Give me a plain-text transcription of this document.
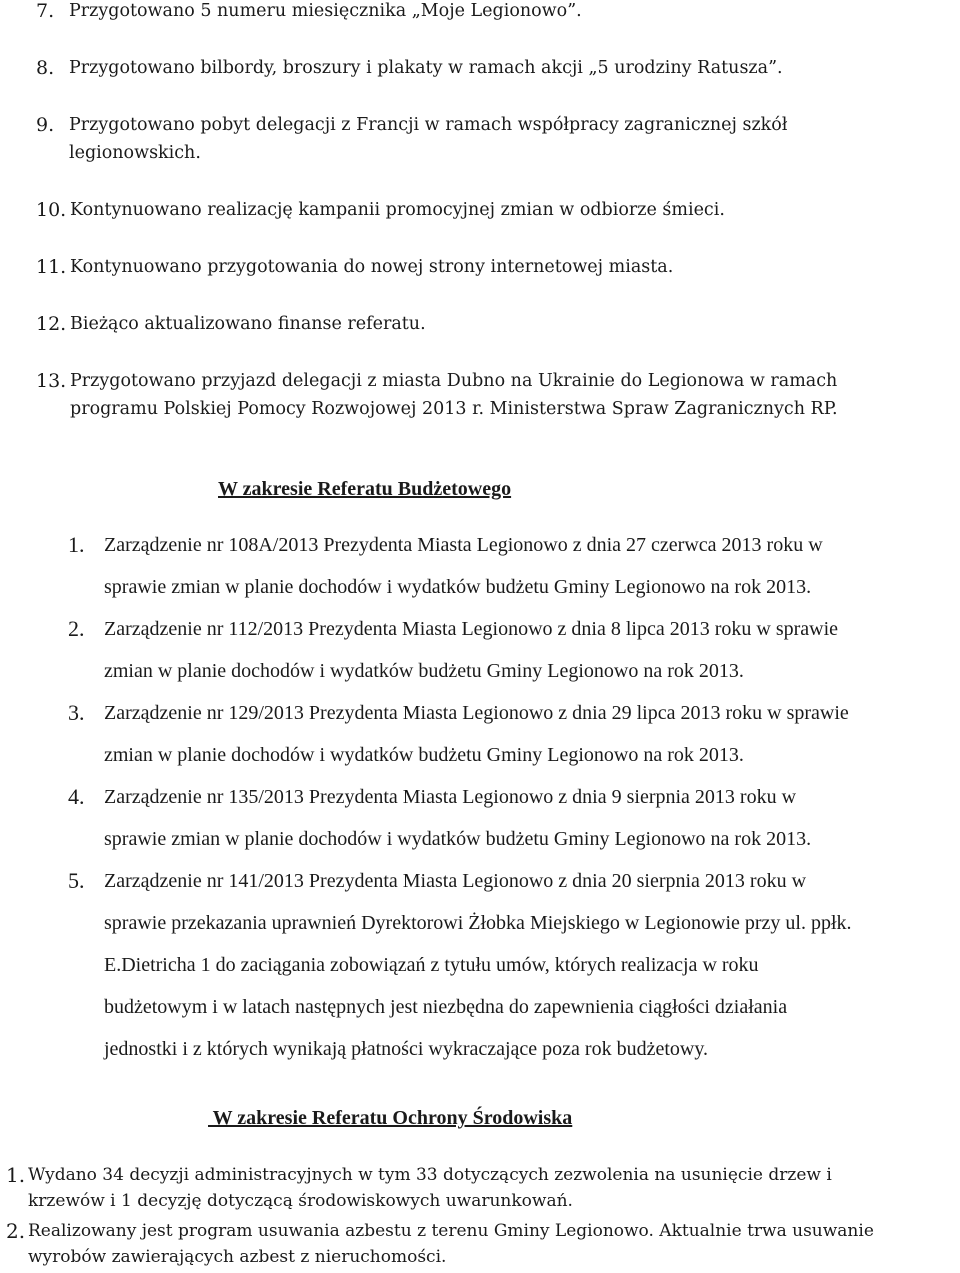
7. Przygotowano 5 numeru miesięcznika „Moje Legionowo”.
8. Przygotowano bilbordy, broszury i plakaty w ramach akcji „5 urodziny Ratusza”.
9. Przygotowano pobyt delegacji z Francji w ramach współpracy zagranicznej szkół
legionowskich.
10. Kontynuowano realizację kampanii promocyjnej zmian w odbiorze śmieci.
11. Kontynuowano przygotowania do nowej strony internetowej miasta.
12. Bieżąco aktualizowano finanse referatu.
13. Przygotowano przyjazd delegacji z miasta Dubno na Ukrainie do Legionowa w ramach
programu Polskiej Pomocy Rozwojowej 2013 r. Ministerstwa Spraw Zagranicznych RP.
W zakresie Referatu Budżetowego
1. Zarządzenie nr 108A/2013 Prezydenta Miasta Legionowo z dnia 27 czerwca 2013 roku w
sprawie zmian w planie dochodów i wydatków budżetu Gminy Legionowo na rok 2013.
2. Zarządzenie nr 112/2013 Prezydenta Miasta Legionowo z dnia 8 lipca 2013 roku w sprawie
zmian w planie dochodów i wydatków budżetu Gminy Legionowo na rok 2013.
3. Zarządzenie nr 129/2013 Prezydenta Miasta Legionowo z dnia 29 lipca 2013 roku w sprawie
zmian w planie dochodów i wydatków budżetu Gminy Legionowo na rok 2013.
4. Zarządzenie nr 135/2013 Prezydenta Miasta Legionowo z dnia 9 sierpnia 2013 roku w
sprawie zmian w planie dochodów i wydatków budżetu Gminy Legionowo na rok 2013.
5. Zarządzenie nr 141/2013 Prezydenta Miasta Legionowo z dnia 20 sierpnia 2013 roku w
sprawie przekazania uprawnień Dyrektorowi Żłobka Miejskiego w Legionowie przy ul. ppłk.
E.Dietricha 1 do zaciągania zobowiązań z tytułu umów, których realizacja w roku
budżetowym i w latach następnych jest niezbędna do zapewnienia ciągłości działania
jednostki i z których wynikają płatności wykraczające poza rok budżetowy.
W zakresie Referatu Ochrony Środowiska
1. Wydano 34 decyzji administracyjnych w tym 33 dotyczących zezwolenia na usunięcie drzew i
krzewów i 1 decyzję dotyczącą środowiskowych uwarunkowań.
2. Realizowany jest program usuwania azbestu z terenu Gminy Legionowo. Aktualnie trwa usuwanie
wyrobów zawierających azbest z nieruchomości.
